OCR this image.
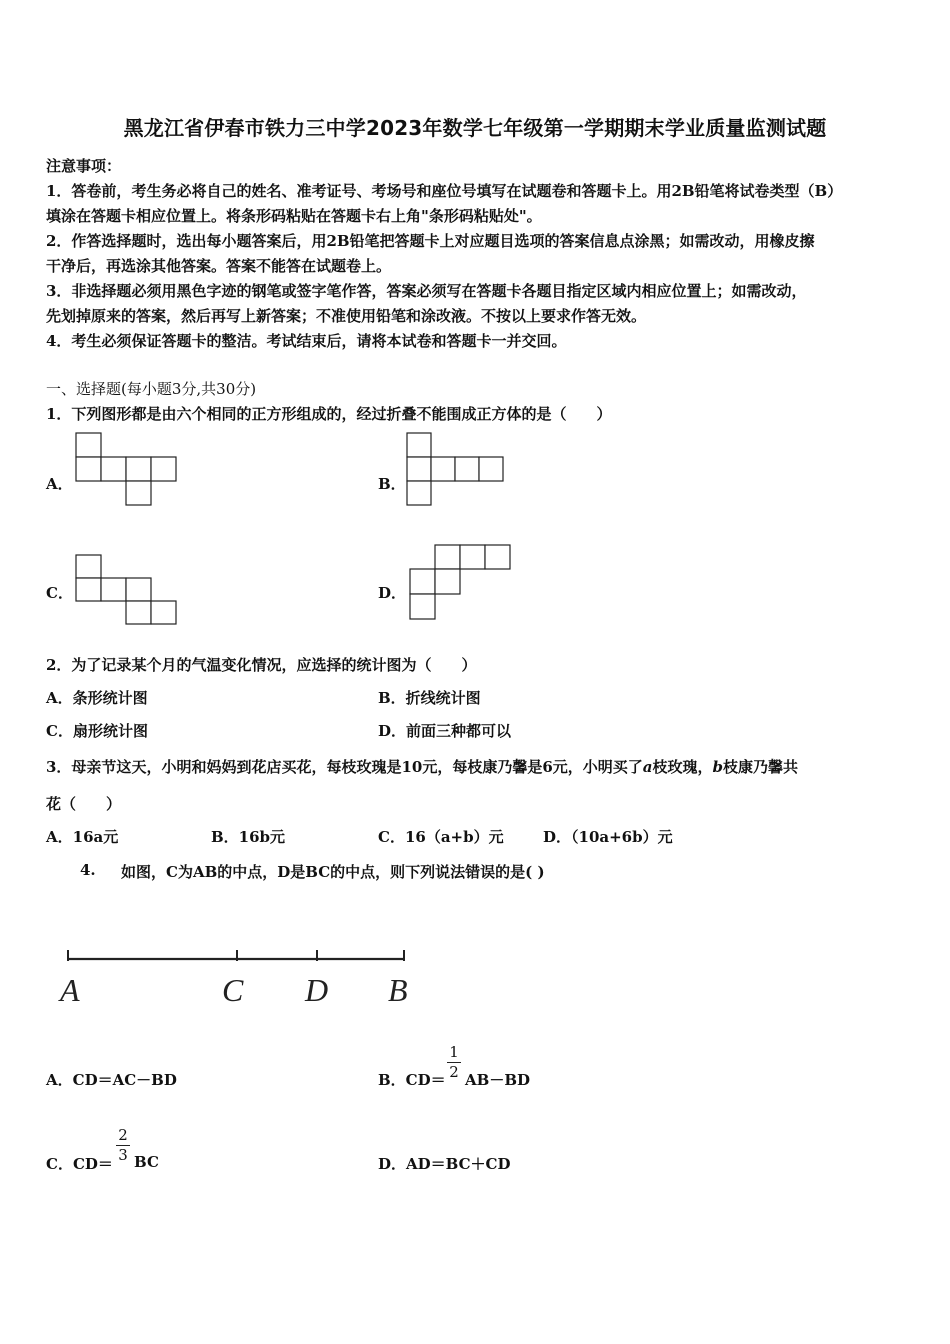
黑龙江省伊春市铁力三中学2023年数学七年级第一学期期末学业质量监测试题
注意事项：
1．答卷前，考生务必将自己的姓名、准考证号、考场号和座位号填写在试题卷和答题卡上。用2B铅笔将试卷类型（B）
填涂在答题卡相应位置上。将条形码粘贴在答题卡右上角"条形码粘贴处"。
2．作答选择题时，选出每小题答案后，用2B铅笔把答题卡上对应题目选项的答案信息点涂黑；如需改动，用橡皮擦
干净后，再选涂其他答案。答案不能答在试题卷上。
3．非选择题必须用黑色字迹的钢笔或签字笔作答，答案必须写在答题卡各题目指定区域内相应位置上；如需改动，
先划掉原来的答案，然后再写上新答案；不准使用铅笔和涂改液。不按以上要求作答无效。
4．考生必须保证答题卡的整洁。考试结束后，请将本试卷和答题卡一并交回。
一、选择题(每小题3分,共30分)
1．下列图形都是由六个相同的正方形组成的，经过折叠不能围成正方体的是（　　）
A．	B．
C．	D．
2．为了记录某个月的气温变化情况，应选择的统计图为（　　）
A．条形统计图	B．折线统计图
C．扇形统计图	D．前面三种都可以
3．母亲节这天，小明和妈妈到花店买花，每枝玫瑰是10元，每枝康乃馨是6元，小明买了a枝玫瑰，b枝康乃馨共
花（　　）
A．16a元	B．16b元	C．16（a+b）元	D．（10a+6b）元
4. 如图，C为AB的中点，D是BC的中点，则下列说法错误的是( )
A	C D B
A．CD＝AC－BD	B．CD＝
1
2 AB－BD
C．CD＝
2
3 BC	D．AD＝BC＋CD
